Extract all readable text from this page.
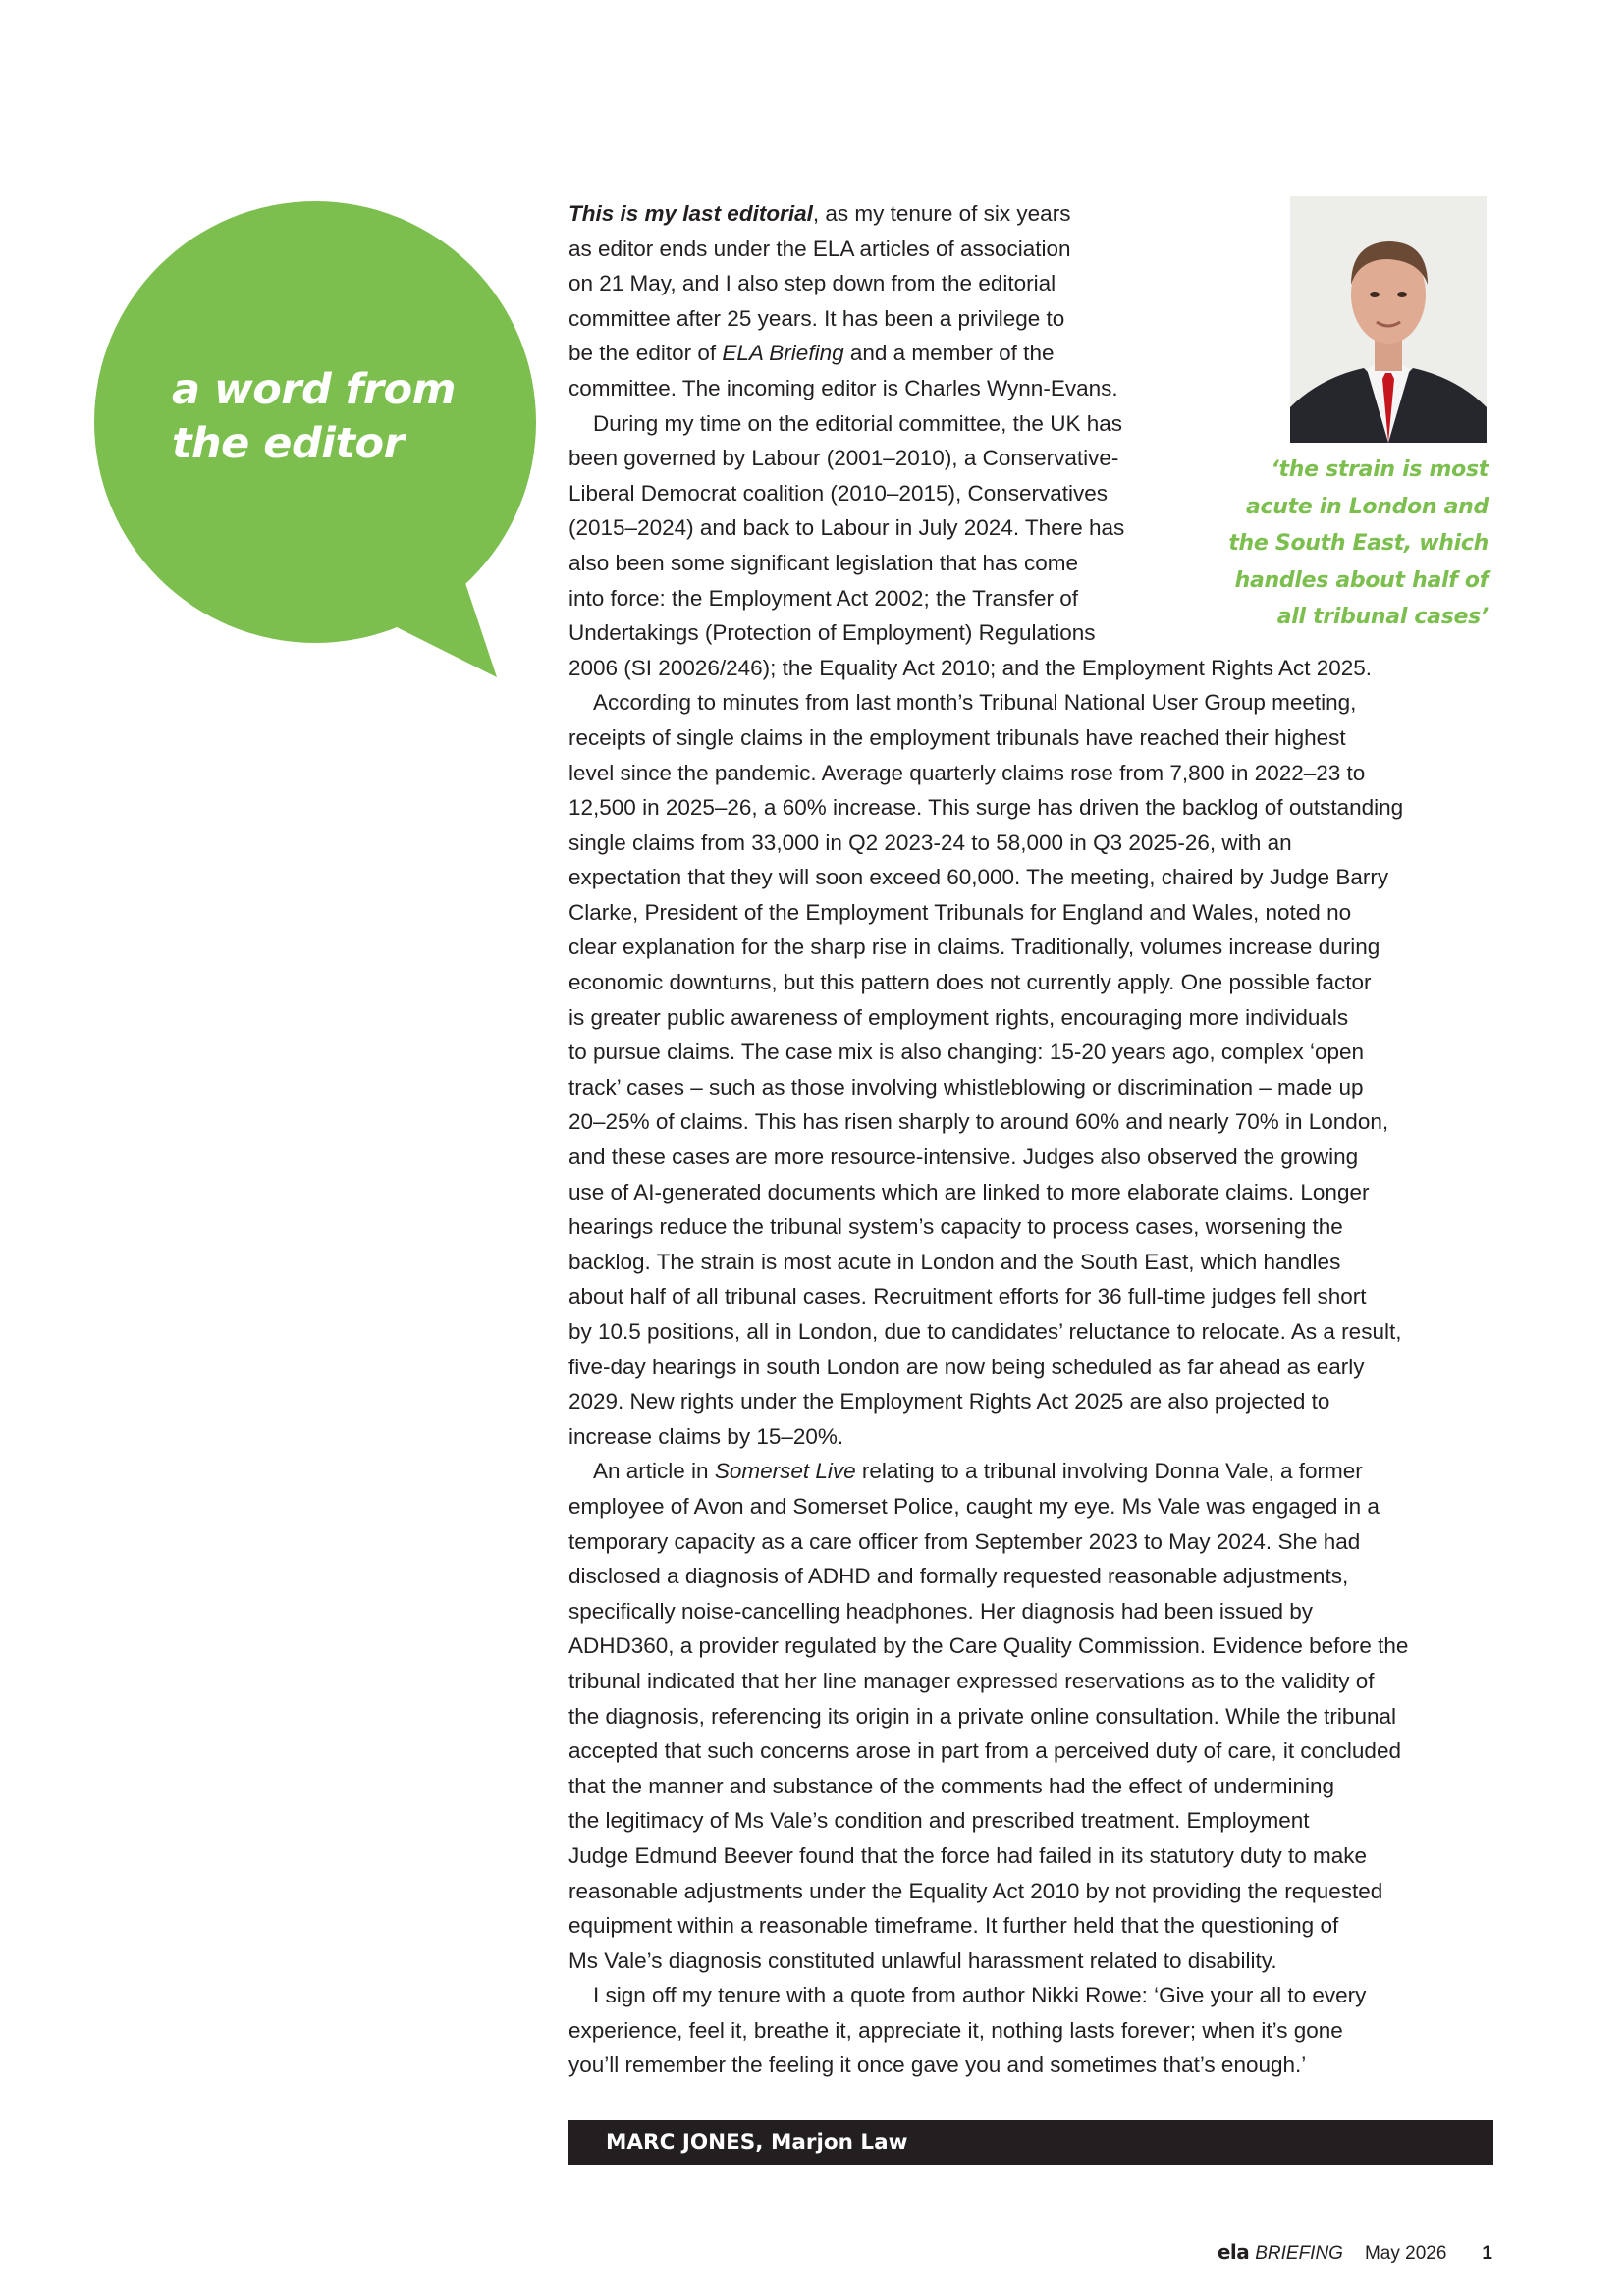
a word from
the editor
‘the strain is most
acute in London and
the South East, which
handles about half of
all tribunal cases’
This is my last editorial, as my tenure of six years
as editor ends under the ELA articles of association
on 21 May, and I also step down from the editorial
committee after 25 years. It has been a privilege to
be the editor of ELA Briefing and a member of the
committee. The incoming editor is Charles Wynn-Evans.
During my time on the editorial committee, the UK has
been governed by Labour (2001–2010), a Conservative-
Liberal Democrat coalition (2010–2015), Conservatives
(2015–2024) and back to Labour in July 2024. There has
also been some significant legislation that has come
into force: the Employment Act 2002; the Transfer of
Undertakings (Protection of Employment) Regulations
2006 (SI 20026/246); the Equality Act 2010; and the Employment Rights Act 2025.
According to minutes from last month’s Tribunal National User Group meeting,
receipts of single claims in the employment tribunals have reached their highest
level since the pandemic. Average quarterly claims rose from 7,800 in 2022–23 to
12,500 in 2025–26, a 60% increase. This surge has driven the backlog of outstanding
single claims from 33,000 in Q2 2023-24 to 58,000 in Q3 2025-26, with an
expectation that they will soon exceed 60,000. The meeting, chaired by Judge Barry
Clarke, President of the Employment Tribunals for England and Wales, noted no
clear explanation for the sharp rise in claims. Traditionally, volumes increase during
economic downturns, but this pattern does not currently apply. One possible factor
is greater public awareness of employment rights, encouraging more individuals
to pursue claims. The case mix is also changing: 15-20 years ago, complex ‘open
track’ cases – such as those involving whistleblowing or discrimination – made up
20–25% of claims. This has risen sharply to around 60% and nearly 70% in London,
and these cases are more resource-intensive. Judges also observed the growing
use of AI-generated documents which are linked to more elaborate claims. Longer
hearings reduce the tribunal system’s capacity to process cases, worsening the
backlog. The strain is most acute in London and the South East, which handles
about half of all tribunal cases. Recruitment efforts for 36 full-time judges fell short
by 10.5 positions, all in London, due to candidates’ reluctance to relocate. As a result,
five-day hearings in south London are now being scheduled as far ahead as early
2029. New rights under the Employment Rights Act 2025 are also projected to
increase claims by 15–20%.
An article in Somerset Live relating to a tribunal involving Donna Vale, a former
employee of Avon and Somerset Police, caught my eye. Ms Vale was engaged in a
temporary capacity as a care officer from September 2023 to May 2024. She had
disclosed a diagnosis of ADHD and formally requested reasonable adjustments,
specifically noise-cancelling headphones. Her diagnosis had been issued by
ADHD360, a provider regulated by the Care Quality Commission. Evidence before the
tribunal indicated that her line manager expressed reservations as to the validity of
the diagnosis, referencing its origin in a private online consultation. While the tribunal
accepted that such concerns arose in part from a perceived duty of care, it concluded
that the manner and substance of the comments had the effect of undermining
the legitimacy of Ms Vale’s condition and prescribed treatment. Employment
Judge Edmund Beever found that the force had failed in its statutory duty to make
reasonable adjustments under the Equality Act 2010 by not providing the requested
equipment within a reasonable timeframe. It further held that the questioning of
Ms Vale’s diagnosis constituted unlawful harassment related to disability.
I sign off my tenure with a quote from author Nikki Rowe: ‘Give your all to every
experience, feel it, breathe it, appreciate it, nothing lasts forever; when it’s gone
you’ll remember the feeling it once gave you and sometimes that’s enough.’
MARC JONES, Marjon Law
ela BRIEFING May 2026 1
